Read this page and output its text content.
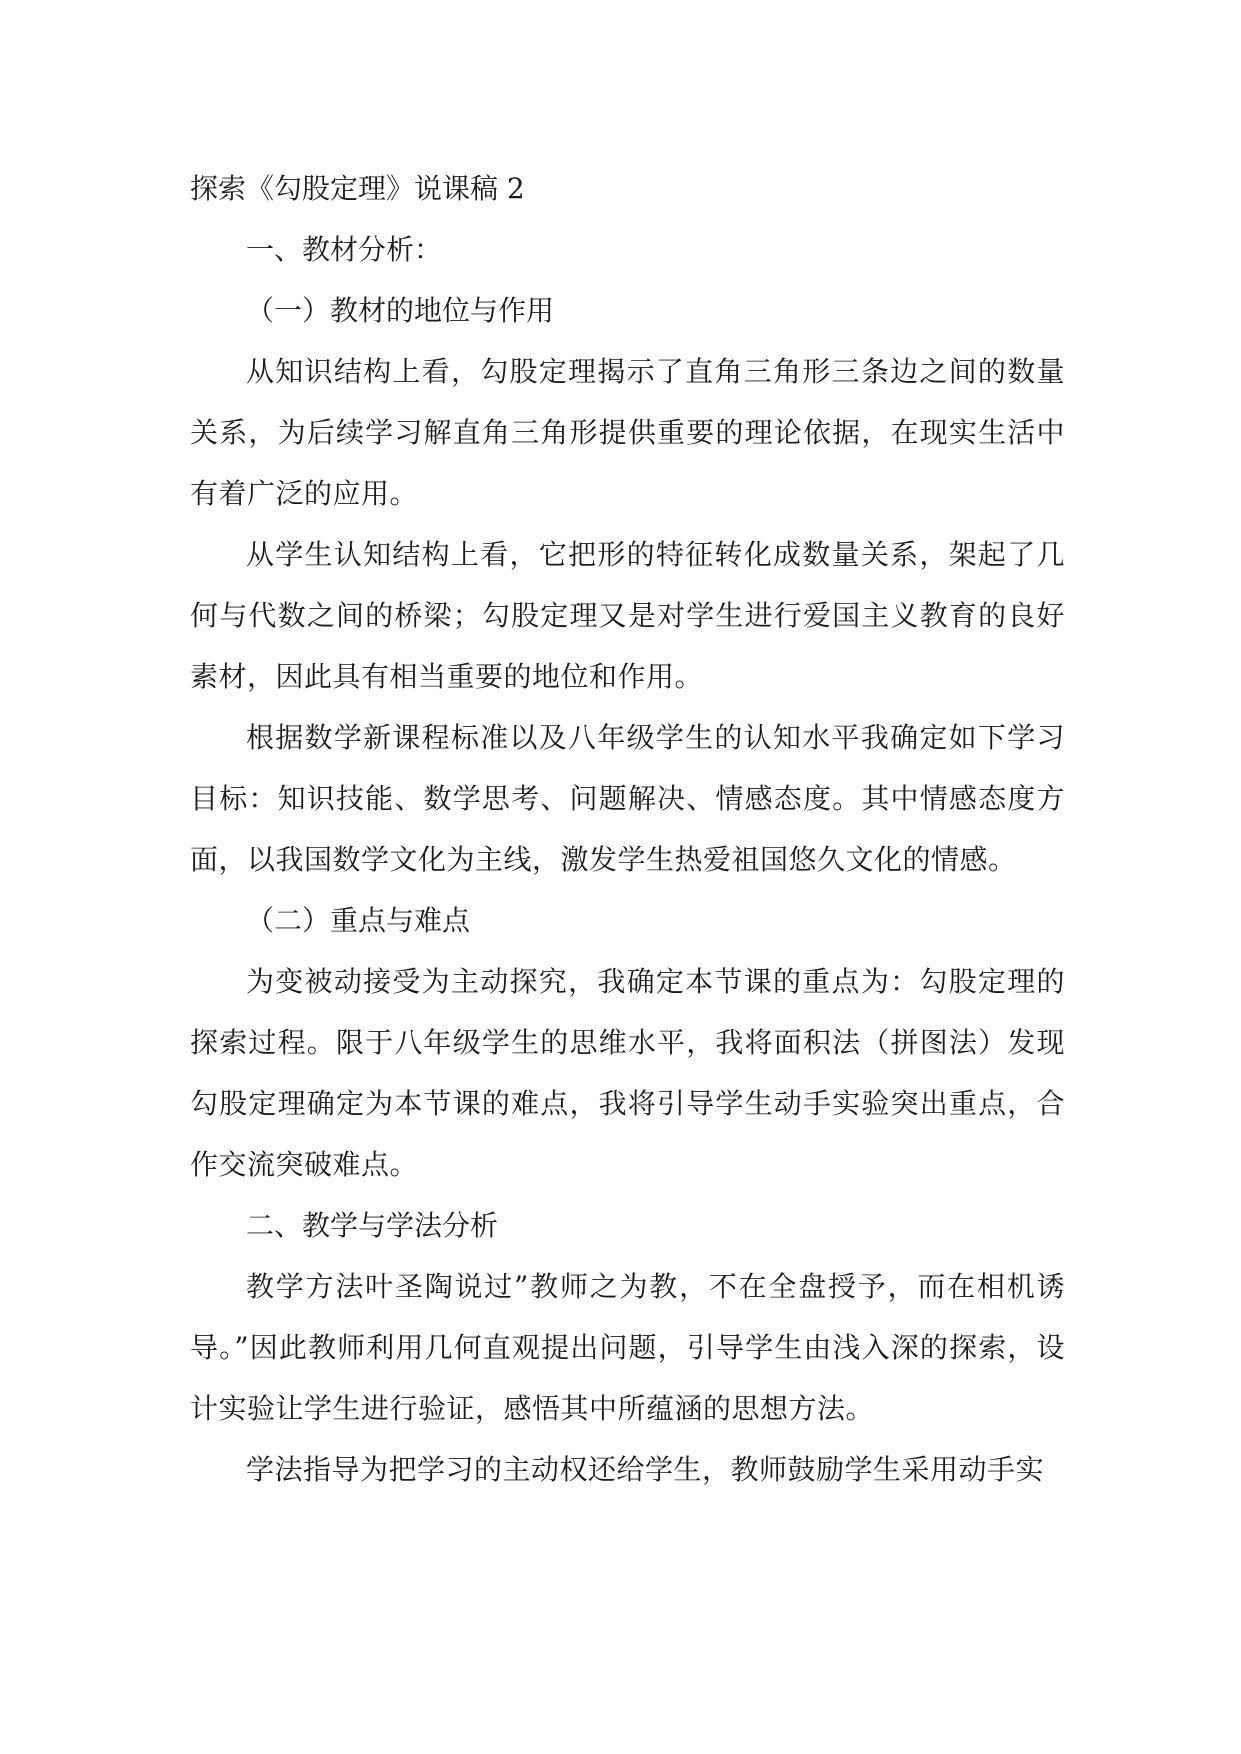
探索《勾股定理》说课稿 2
一、教材分析：
（一）教材的地位与作用

从知识结构上看，勾股定理揭示了直角三角形三条边之间的数量关系，为后续学习解直角三角形提供重要的理论依据，在现实生活中有着广泛的应用。

从学生认知结构上看，它把形的特征转化成数量关系，架起了几何与代数之间的桥梁；勾股定理又是对学生进行爱国主义教育的良好素材，因此具有相当重要的地位和作用。

根据数学新课程标准以及八年级学生的认知水平我确定如下学习目标：知识技能、数学思考、问题解决、情感态度。其中情感态度方面，以我国数学文化为主线，激发学生热爱祖国悠久文化的情感。

（二）重点与难点

为变被动接受为主动探究，我确定本节课的重点为：勾股定理的探索过程。限于八年级学生的思维水平，我将面积法（拼图法）发现勾股定理确定为本节课的难点，我将引导学生动手实验突出重点，合作交流突破难点。

二、教学与学法分析

教学方法叶圣陶说过”教师之为教，不在全盘授予，而在相机诱导。”因此教师利用几何直观提出问题，引导学生由浅入深的探索，设计实验让学生进行验证，感悟其中所蕴涵的思想方法。

学法指导为把学习的主动权还给学生，教师鼓励学生采用动手实
